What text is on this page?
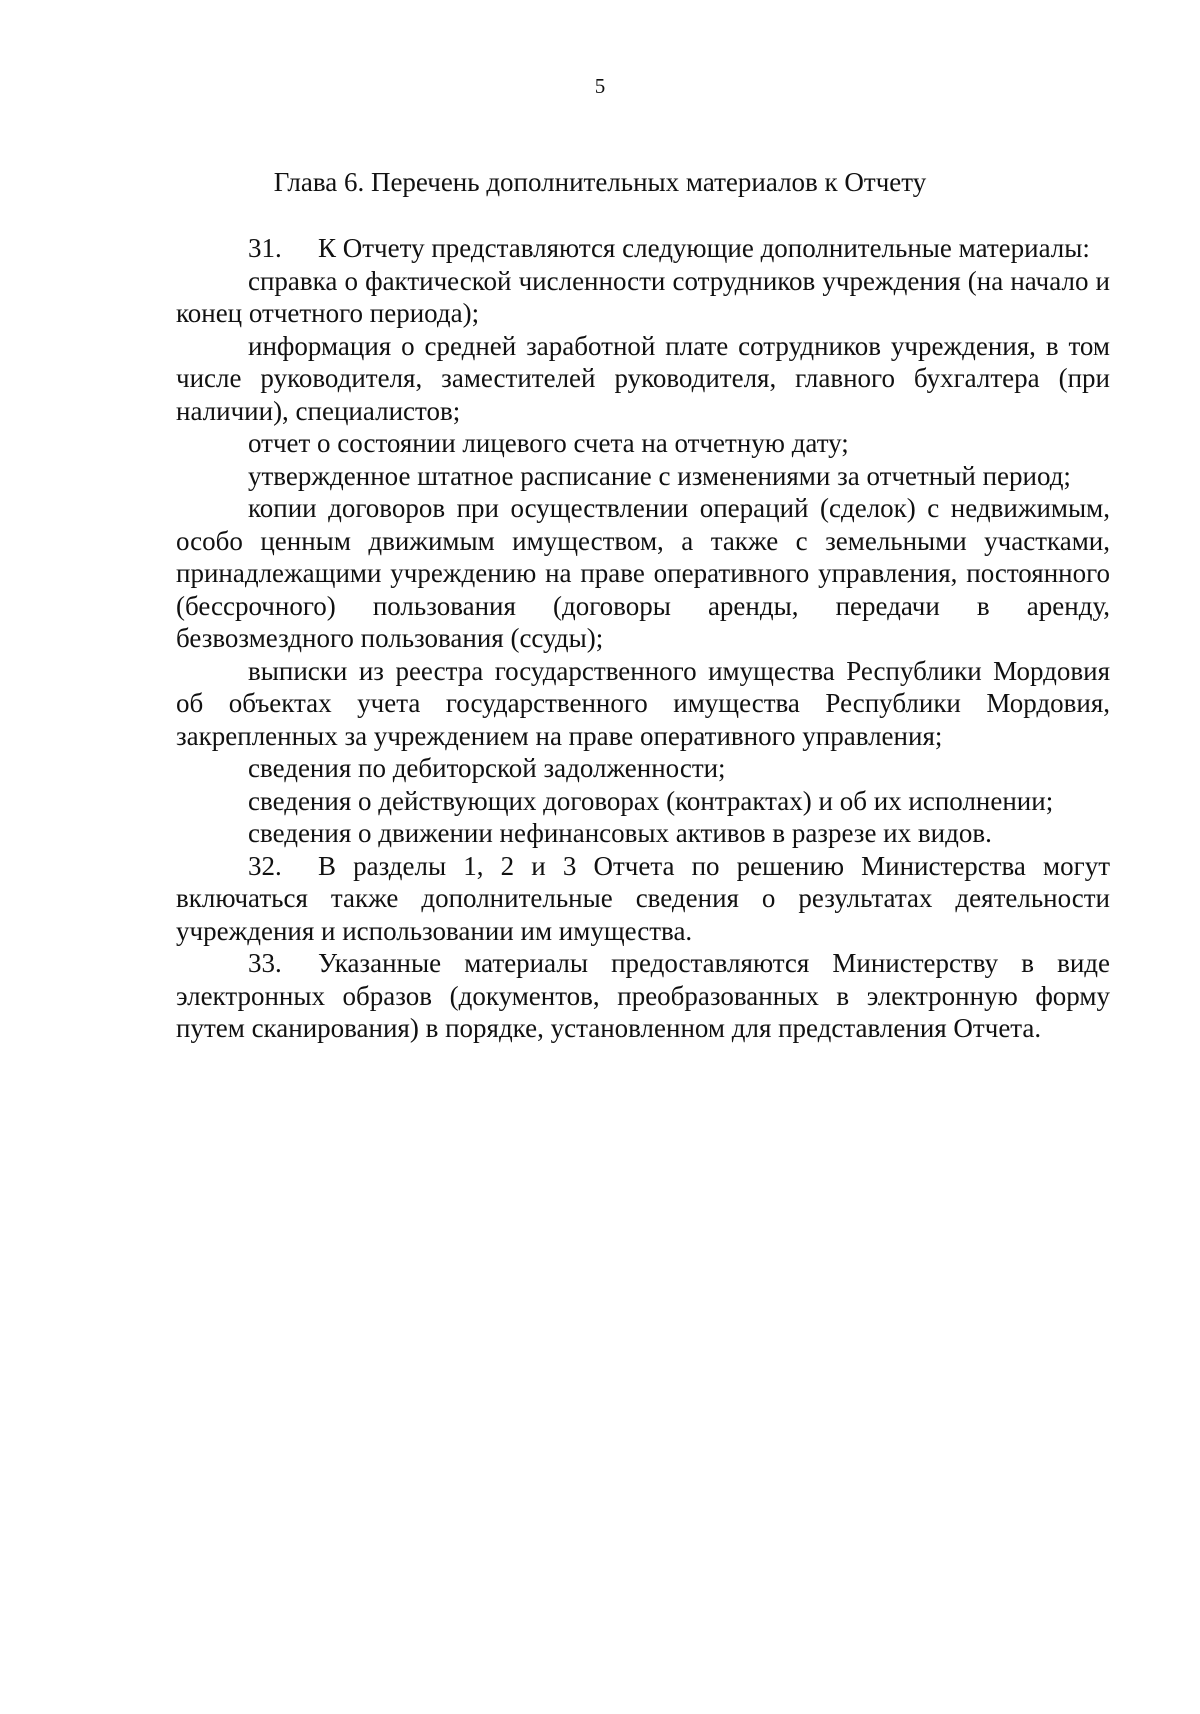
5
Глава 6. Перечень дополнительных материалов к Отчету

31. К Отчету представляются следующие дополнительные материалы:

справка о фактической численности сотрудников учреждения (на начало и конец отчетного периода);

информация о средней заработной плате сотрудников учреждения, в том числе руководителя, заместителей руководителя, главного бухгалтера (при наличии), специалистов;

отчет о состоянии лицевого счета на отчетную дату;

утвержденное штатное расписание с изменениями за отчетный период;

копии договоров при осуществлении операций (сделок) с недвижимым, особо ценным движимым имуществом, а также с земельными участками, принадлежащими учреждению на праве оперативного управления, постоянного (бессрочного) пользования (договоры аренды, передачи в аренду, безвозмездного пользования (ссуды);

выписки из реестра государственного имущества Республики Мордовия об объектах учета государственного имущества Республики Мордовия, закрепленных за учреждением на праве оперативного управления;

сведения по дебиторской задолженности;

сведения о действующих договорах (контрактах) и об их исполнении;

сведения о движении нефинансовых активов в разрезе их видов.

32. В разделы 1, 2 и 3 Отчета по решению Министерства могут включаться также дополнительные сведения о результатах деятельности учреждения и использовании им имущества.

33. Указанные материалы предоставляются Министерству в виде электронных образов (документов, преобразованных в электронную форму путем сканирования) в порядке, установленном для представления Отчета.
